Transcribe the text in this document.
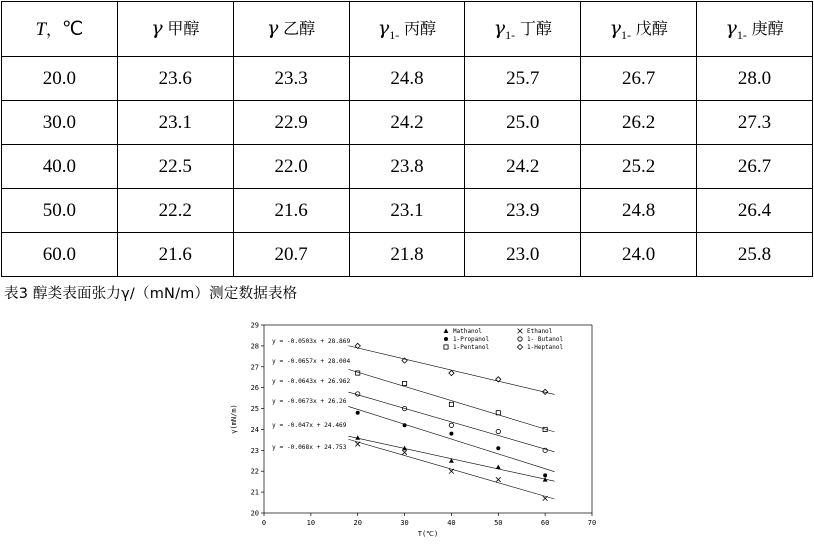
T，℃	γ 甲醇	γ 乙醇	$\gamma_{1-}$ 丙醇	$\gamma_{1-}$ 丁醇	$\gamma_{1-}$ 戊醇	$\gamma_{1-}$ 庚醇
20.0	23.6	23.3	24.8	25.7	26.7	28.0
30.0	23.1	22.9	24.2	25.0	26.2	27.3
40.0	22.5	22.0	23.8	24.2	25.2	26.7
50.0	22.2	21.6	23.1	23.9	24.8	26.4
60.0	21.6	20.7	21.8	23.0	24.0	25.8
表3 醇类表面张力γ/（mN/m）测定数据表格
0	10	20	30	40	50	60	70
20
21
22
23
24
25
26
27
28
29
T(℃)
γ(mN/m)
y = -0.0503x + 28.869
y = -0.0657x + 28.004
y = -0.0643x + 26.962
y = -0.0673x + 26.26
y = -0.047x + 24.469
y = -0.068x + 24.753
Mathanol
1-Propanol
1-Pentanol
Ethanol
1- Butanol
1-Heptanol
